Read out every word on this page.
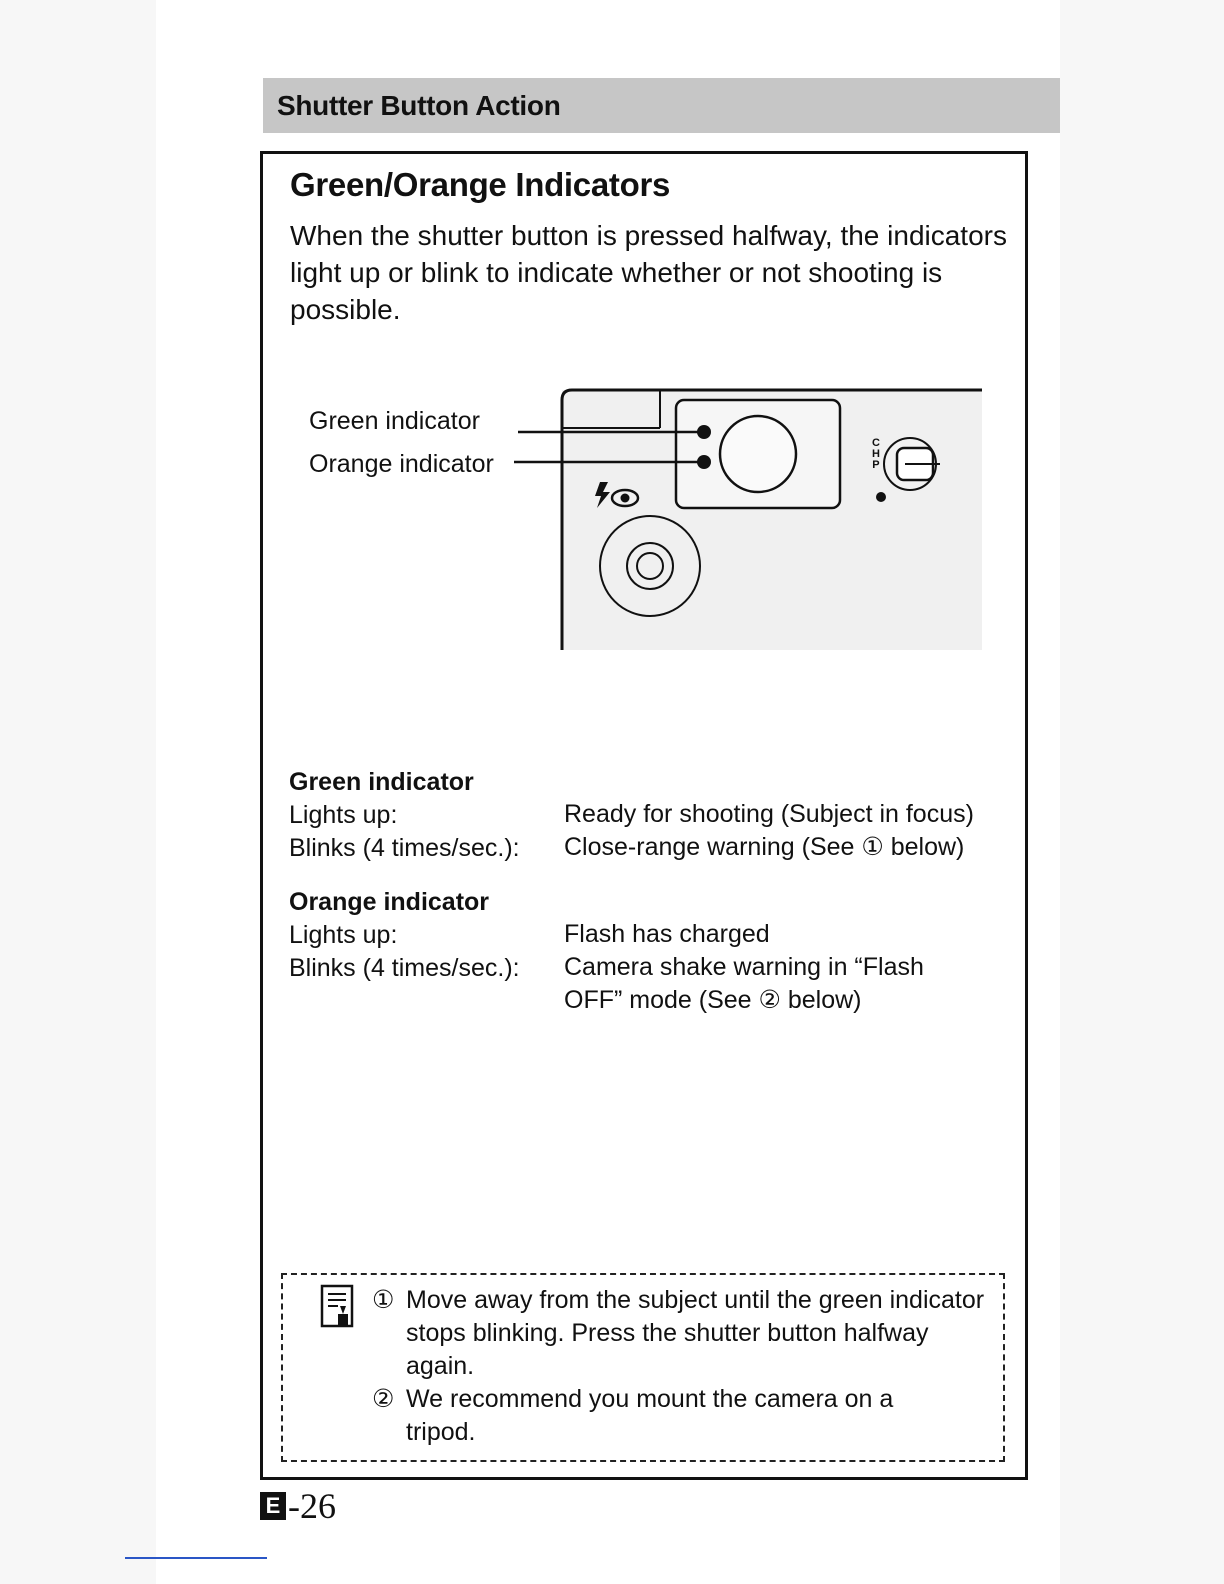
Shutter Button Action
Green/Orange Indicators
When the shutter button is pressed halfway, the indicators light up or blink to indicate whether or not shooting is possible.
Green indicator
Orange indicator
C
H
P
Green indicator
Lights up:	Ready for shooting (Subject in focus)
Blinks (4 times/sec.): Close-range warning (See ① below)
Orange indicator
Lights up:	Flash has charged
Blinks (4 times/sec.): Camera shake warning in “Flash OFF” mode (See ② below)
① Move away from the subject until the green indicator stops blinking. Press the shutter button halfway again.
② We recommend you mount the camera on a tripod.
E -26
